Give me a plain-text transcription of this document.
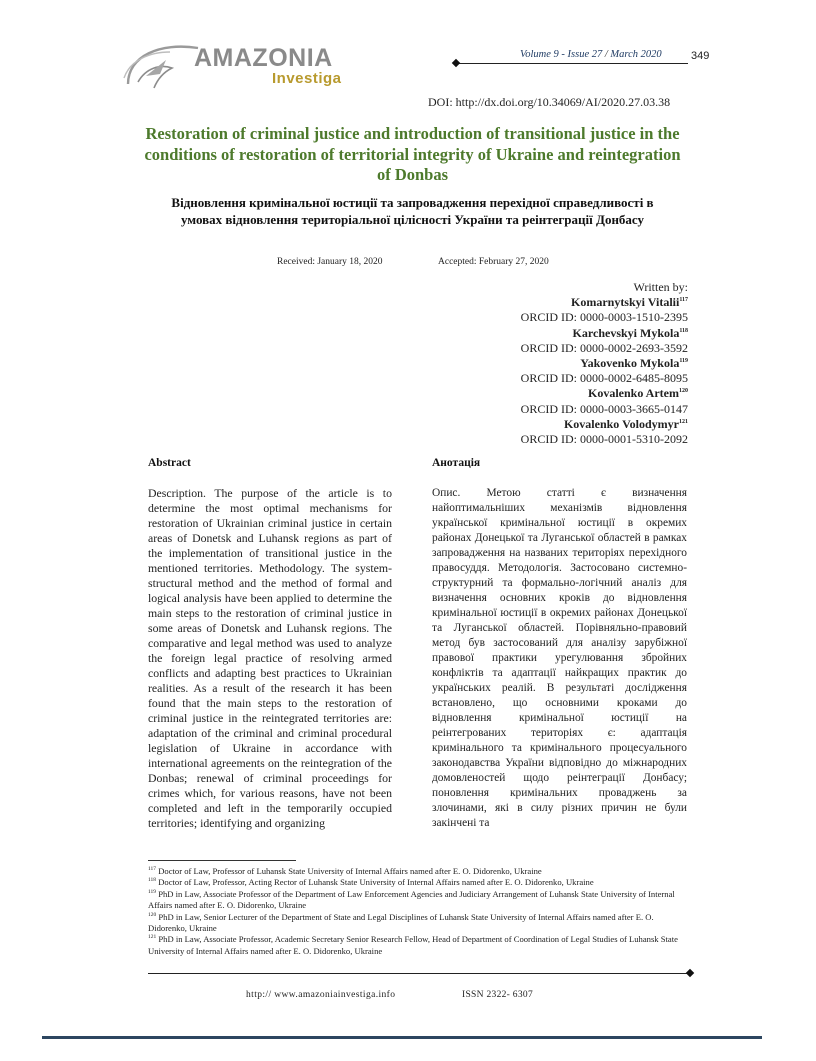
AMAZONIA
Investiga
Volume 9 - Issue 27 / March 2020	349
DOI: http://dx.doi.org/10.34069/AI/2020.27.03.38
Restoration of criminal justice and introduction of transitional justice in the
conditions of restoration of territorial integrity of Ukraine and reintegration
of Donbas
Відновлення кримінальної юстиції та запровадження перехідної справедливості в
умовах відновлення територіальної цілісності України та реінтеграції Донбасу
Received: January 18, 2020	Accepted: February 27, 2020
Written by:
Komarnytskyi Vitalii$^{117}$
ORCID ID: 0000-0003-1510-2395
Karchevskyi Mykola$^{118}$
ORCID ID: 0000-0002-2693-3592
Yakovenko Mykola$^{119}$
ORCID ID: 0000-0002-6485-8095
Kovalenko Artem$^{120}$
ORCID ID: 0000-0003-3665-0147
Kovalenko Volodymyr$^{121}$
ORCID ID: 0000-0001-5310-2092
Abstract	Анотація
Description. The purpose of the article is to determine the most optimal mechanisms for restoration of Ukrainian criminal justice in certain areas of Donetsk and Luhansk regions as part of the implementation of transitional justice in the mentioned territories. Methodology. The system-structural method and the method of formal and logical analysis have been applied to determine the main steps to the restoration of criminal justice in some areas of Donetsk and Luhansk regions. The comparative and legal method was used to analyze the foreign legal practice of resolving armed conflicts and adapting best practices to Ukrainian realities. As a result of the research it has been found that the main steps to the restoration of criminal justice in the reintegrated territories are: adaptation of the criminal and criminal procedural legislation of Ukraine in accordance with international agreements on the reintegration of the Donbas; renewal of criminal proceedings for crimes which, for various reasons, have not been completed and left in the temporarily occupied territories; identifying and organizing
Опис. Метою статті є визначення найоптимальніших механізмів відновлення української кримінальної юстиції в окремих районах Донецької та Луганської областей в рамках запровадження на названих територіях перехідного правосуддя. Методологія. Застосовано системно-структурний та формально-логічний аналіз для визначення основних кроків до відновлення кримінальної юстиції в окремих районах Донецької та Луганської областей. Порівняльно-правовий метод був застосований для аналізу зарубіжної правової практики урегулювання збройних конфліктів та адаптації найкращих практик до українських реалій. В результаті дослідження встановлено, що основними кроками до відновлення кримінальної юстиції на реінтегрованих територіях є: адаптація кримінального та кримінального процесуального законодавства України відповідно до міжнародних домовленостей щодо реінтеграції Донбасу; поновлення кримінальних проваджень за злочинами, які в силу різних причин не були закінчені та
$^{117}$ Doctor of Law, Professor of Luhansk State University of Internal Affairs named after E. O. Didorenko, Ukraine
$^{118}$ Doctor of Law, Professor, Acting Rector of Luhansk State University of Internal Affairs named after E. O. Didorenko, Ukraine
$^{119}$ PhD in Law, Associate Professor of the Department of Law Enforcement Agencies and Judiciary Arrangement of Luhansk State University of Internal Affairs named after E. O. Didorenko, Ukraine
$^{120}$ PhD in Law, Senior Lecturer of the Department of State and Legal Disciplines of Luhansk State University of Internal Affairs named after E. O. Didorenko, Ukraine
$^{121}$ PhD in Law, Associate Professor, Academic Secretary Senior Research Fellow, Head of Department of Coordination of Legal Studies of Luhansk State University of Internal Affairs named after E. O. Didorenko, Ukraine
http:// www.amazoniainvestiga.info	ISSN 2322- 6307
